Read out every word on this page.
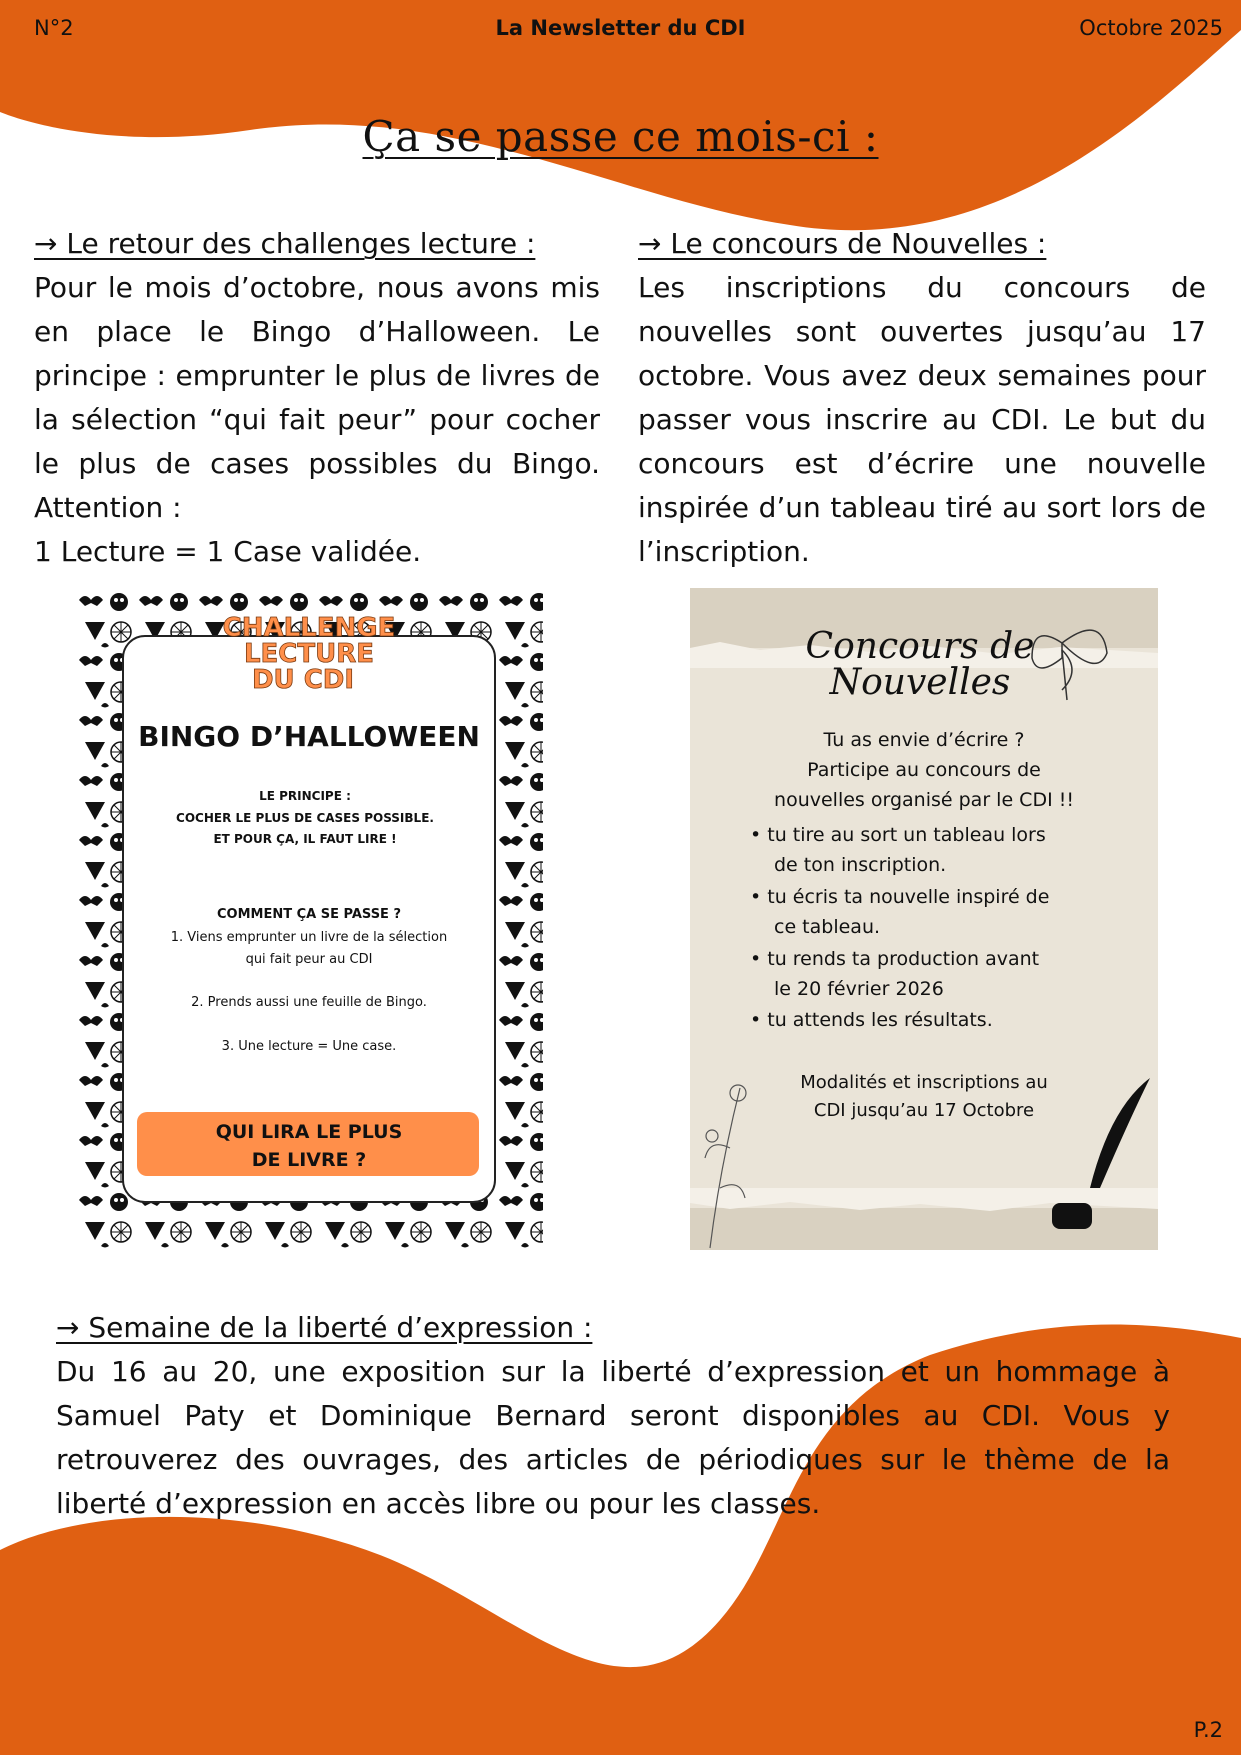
N°2	La Newsletter du CDI	Octobre 2025
Ça se passe ce mois-ci :
→ Le retour des challenges lecture :
Pour le mois d’octobre, nous avons mis en place le Bingo d’Halloween. Le principe : emprunter le plus de livres de la sélection “qui fait peur” pour cocher le plus de cases possibles du Bingo. Attention :
1 Lecture = 1 Case validée.
→ Le concours de Nouvelles :
Les inscriptions du concours de nouvelles sont ouvertes jusqu’au 17 octobre. Vous avez deux semaines pour passer vous inscrire au CDI. Le but du concours est d’écrire une nouvelle inspirée d’un tableau tiré au sort lors de l’inscription.
CHALLENGE
LECTURE
DU CDI
BINGO D’HALLOWEEN
LE PRINCIPE :
COCHER LE PLUS DE CASES POSSIBLE.
ET POUR ÇA, IL FAUT LIRE !
COMMENT ÇA SE PASSE ?
1. Viens emprunter un livre de la sélection
qui fait peur au CDI
2. Prends aussi une feuille de Bingo.
3. Une lecture = Une case.
QUI LIRA LE PLUS
DE LIVRE ?
Concours de
Nouvelles
Tu as envie d’écrire ?
Participe au concours de
nouvelles organisé par le CDI !!
• tu tire au sort un tableau lors
de ton inscription.
• tu écris ta nouvelle inspiré de
ce tableau.
• tu rends ta production avant
le 20 février 2026
• tu attends les résultats.
Modalités et inscriptions au
CDI jusqu’au 17 Octobre
→ Semaine de la liberté d’expression :
Du 16 au 20, une exposition sur la liberté d’expression et un hommage à Samuel Paty et Dominique Bernard seront disponibles au CDI. Vous y retrouverez des ouvrages, des articles de périodiques sur le thème de la liberté d’expression en accès libre ou pour les classes.
P.2
